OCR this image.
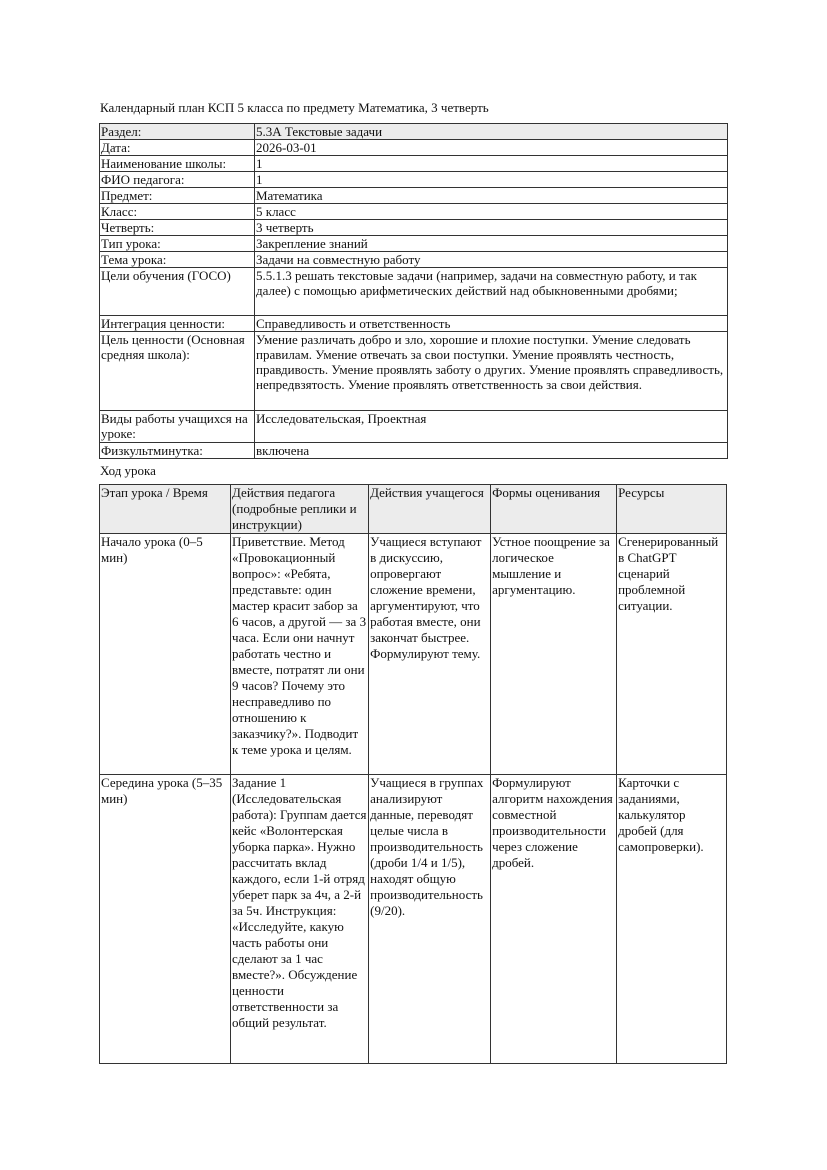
Календарный план КСП 5 класса по предмету Математика, 3 четверть
Раздел:	5.3А Текстовые задачи
Дата:	2026-03-01
Наименование школы:	1
ФИО педагога:	1
Предмет:	Математика
Класс:	5 класс
Четверть:	3 четверть
Тип урока:	Закрепление знаний
Тема урока:	Задачи на совместную работу
Цели обучения (ГОСО)	5.5.1.3 решать текстовые задачи (например, задачи на совместную работу, и так далее) с помощью арифметических действий над обыкновенными дробями;
Интеграция ценности:	Справедливость и ответственность
Цель ценности (Основная средняя школа):	Умение различать добро и зло, хорошие и плохие поступки. Умение следовать правилам. Умение отвечать за свои поступки. Умение проявлять честность, правдивость. Умение проявлять заботу о других. Умение проявлять справедливость, непредвзятость. Умение проявлять ответственность за свои действия.
Виды работы учащихся на уроке:	Исследовательская, Проектная
Физкультминутка:	включена
Ход урока
Этап урока / Время	Действия педагога (подробные реплики и инструкции)	Действия учащегося	Формы оценивания	Ресурсы
Начало урока (0–5 мин)	Приветствие. Метод «Провокационный вопрос»: «Ребята, представьте: один мастер красит забор за 6 часов, а другой — за 3 часа. Если они начнут работать честно и вместе, потратят ли они 9 часов? Почему это несправедливо по отношению к заказчику?». Подводит к теме урока и целям.	Учащиеся вступают в дискуссию, опровергают сложение времени, аргументируют, что работая вместе, они закончат быстрее. Формулируют тему.	Устное поощрение за логическое мышление и аргументацию.	Сгенерированный в ChatGPT сценарий проблемной ситуации.
Середина урока (5–35 мин)	Задание 1 (Исследовательская работа): Группам дается кейс «Волонтерская уборка парка». Нужно рассчитать вклад каждого, если 1-й отряд уберет парк за 4ч, а 2-й за 5ч. Инструкция: «Исследуйте, какую часть работы они сделают за 1 час вместе?». Обсуждение ценности ответственности за общий результат.	Учащиеся в группах анализируют данные, переводят целые числа в производительность (дроби 1/4 и 1/5), находят общую производительность (9/20).	Формулируют алгоритм нахождения совместной производительности через сложение дробей.	Карточки с заданиями, калькулятор дробей (для самопроверки).
